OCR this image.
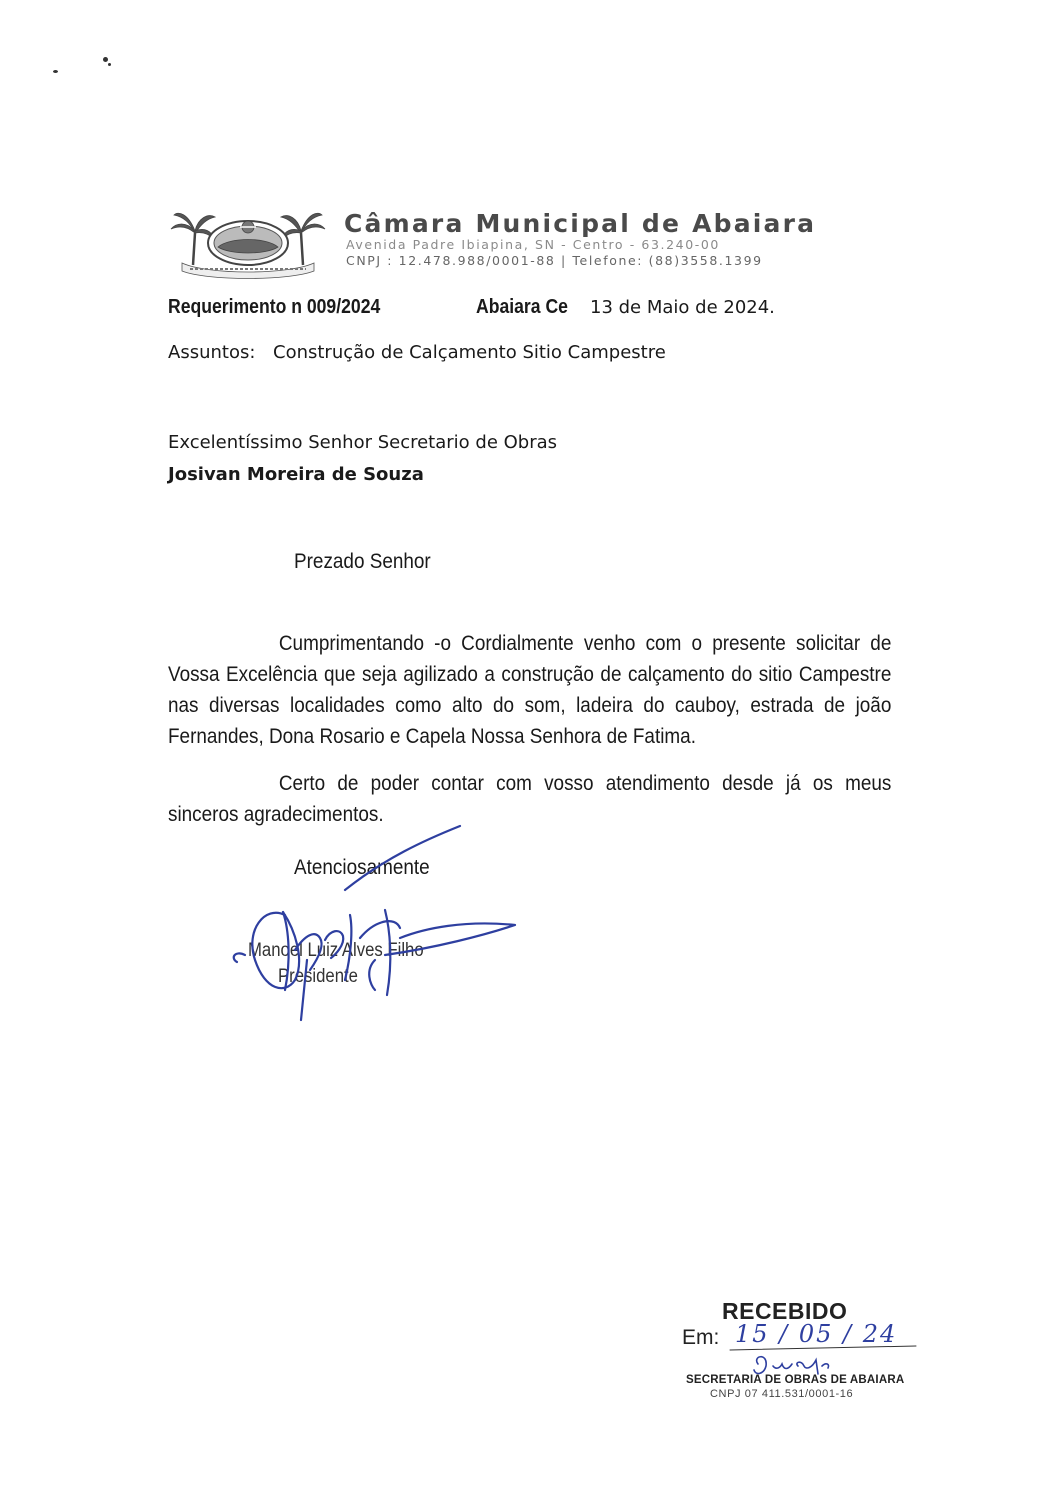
Câmara Municipal de Abaiara
Avenida Padre Ibiapina, SN - Centro - 63.240-00
CNPJ : 12.478.988/0001-88 | Telefone: (88)3558.1399
Requerimento n 009/2024	Abaiara Ce 13 de Maio de 2024.
Assuntos: Construção de Calçamento Sitio Campestre
Excelentíssimo Senhor Secretario de Obras
Josivan Moreira de Souza
Prezado Senhor
Cumprimentando -o Cordialmente venho com o presente solicitar de Vossa Excelência que seja agilizado a construção de calçamento do sitio Campestre nas diversas localidades como alto do som, ladeira do cauboy, estrada de joão Fernandes, Dona Rosario e Capela Nossa Senhora de Fatima.
Certo de poder contar com vosso atendimento desde já os meus sinceros agradecimentos.
Atenciosamente
Manoel Luiz Alves Filho
Presidente
RECEBIDO
Em: 15 / 05 / 24
SECRETARIA DE OBRAS DE ABAIARA
CNPJ 07 411.531/0001-16
